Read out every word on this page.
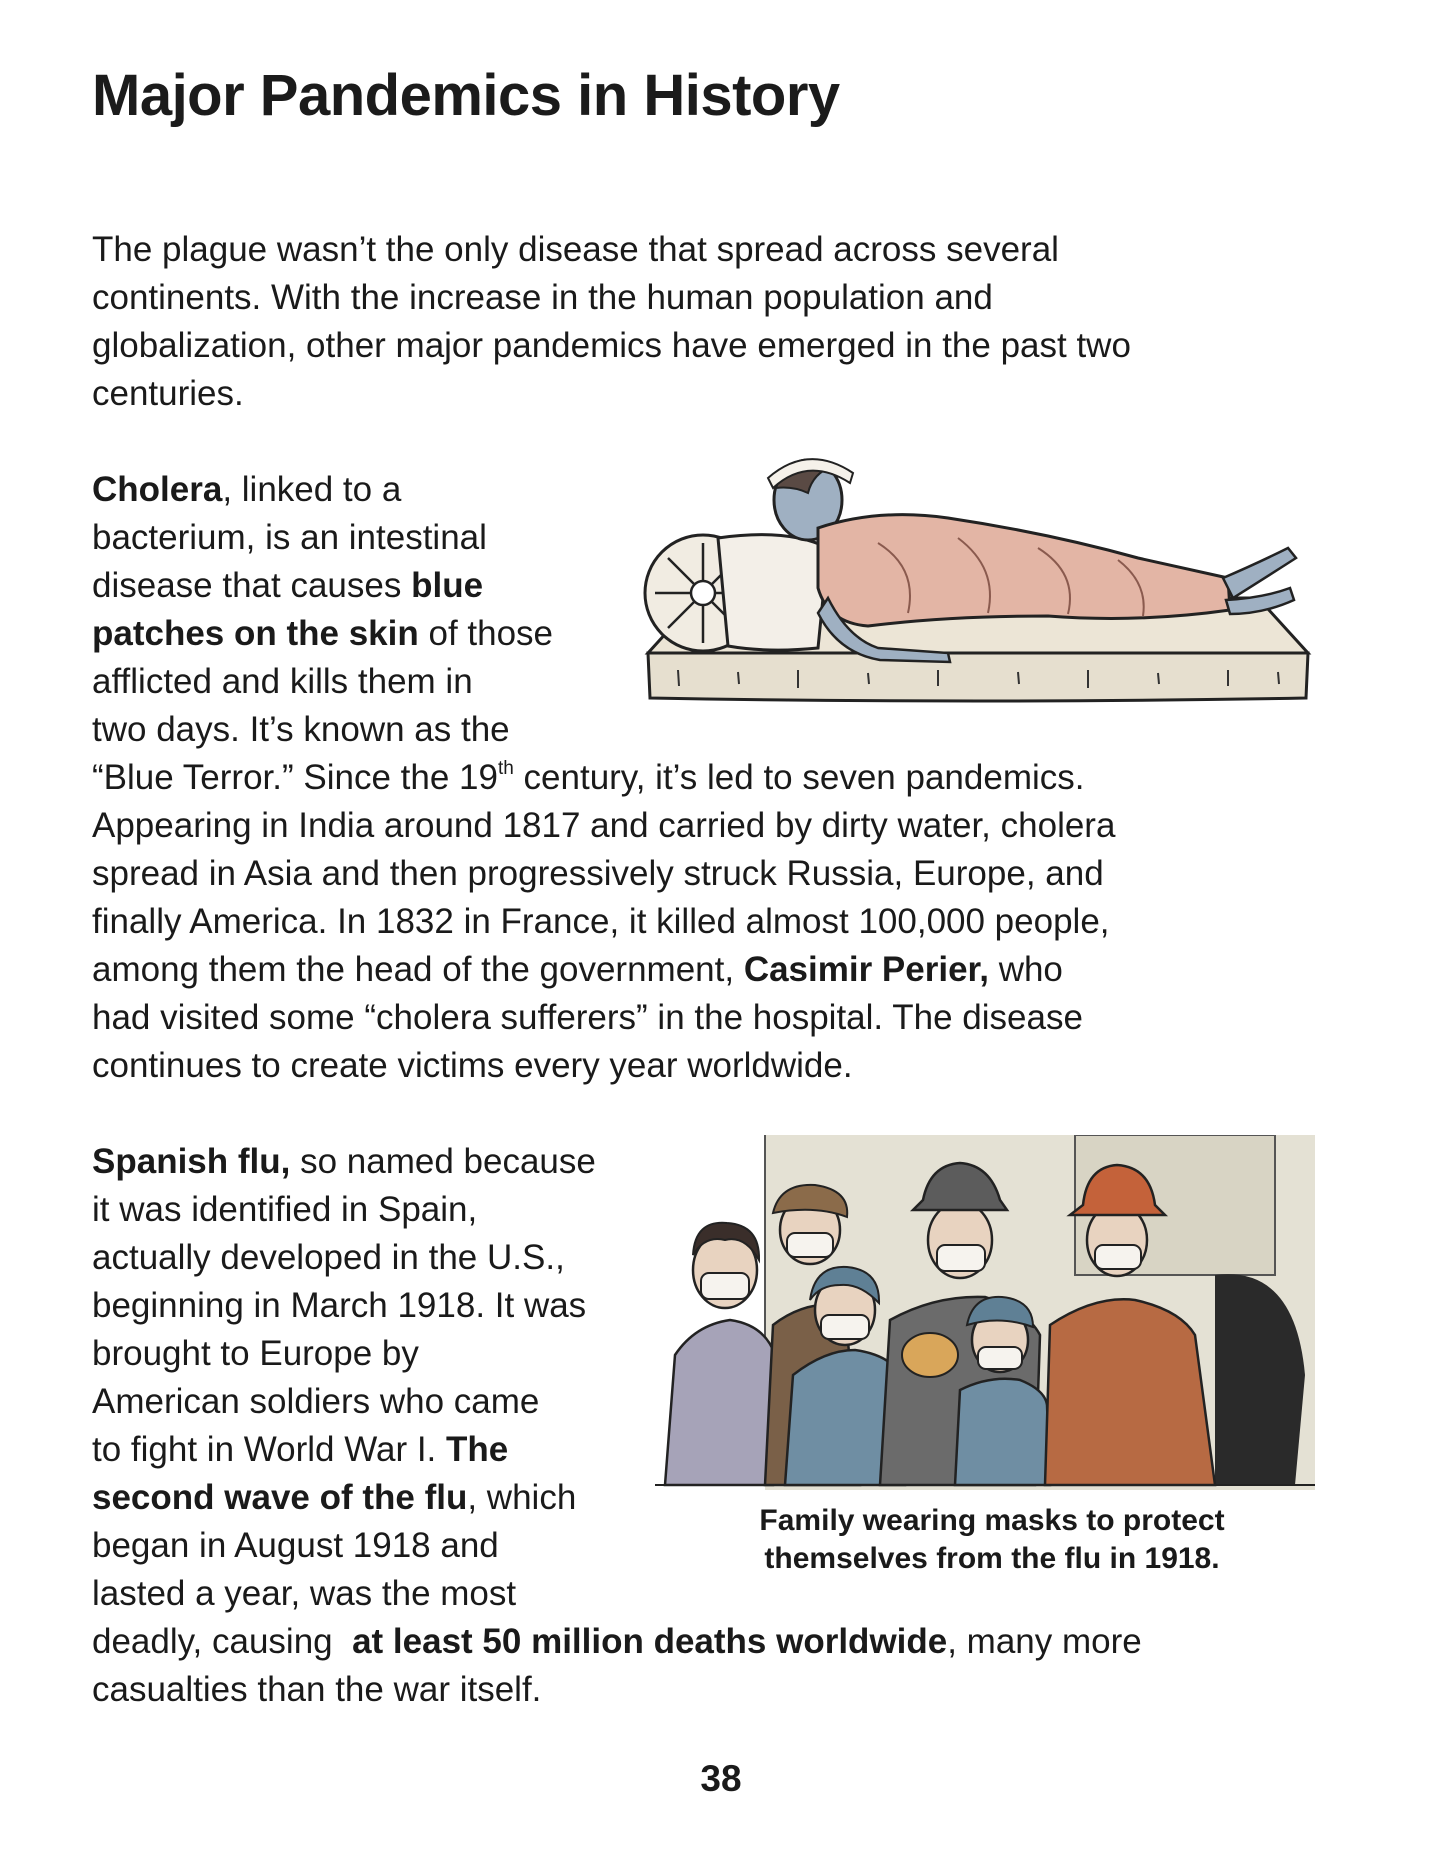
Major Pandemics in History
The plague wasn’t the only disease that spread across several
continents. With the increase in the human population and
globalization, other major pandemics have emerged in the past two
centuries.
Cholera, linked to a
bacterium, is an intestinal
disease that causes blue
patches on the skin of those
afflicted and kills them in
two days. It’s known as the
“Blue Terror.” Since the 19th century, it’s led to seven pandemics.
Appearing in India around 1817 and carried by dirty water, cholera
spread in Asia and then progressively struck Russia, Europe, and
finally America. In 1832 in France, it killed almost 100,000 people,
among them the head of the government, Casimir Perier, who
had visited some “cholera sufferers” in the hospital. The disease
continues to create victims every year worldwide.
Spanish flu, so named because
it was identified in Spain,
actually developed in the U.S.,
beginning in March 1918. It was
brought to Europe by
American soldiers who came
to fight in World War I. The
second wave of the flu, which
began in August 1918 and
lasted a year, was the most
deadly, causing  at least 50 million deaths worldwide, many more
casualties than the war itself.
Family wearing masks to protect
themselves from the flu in 1918.
38
